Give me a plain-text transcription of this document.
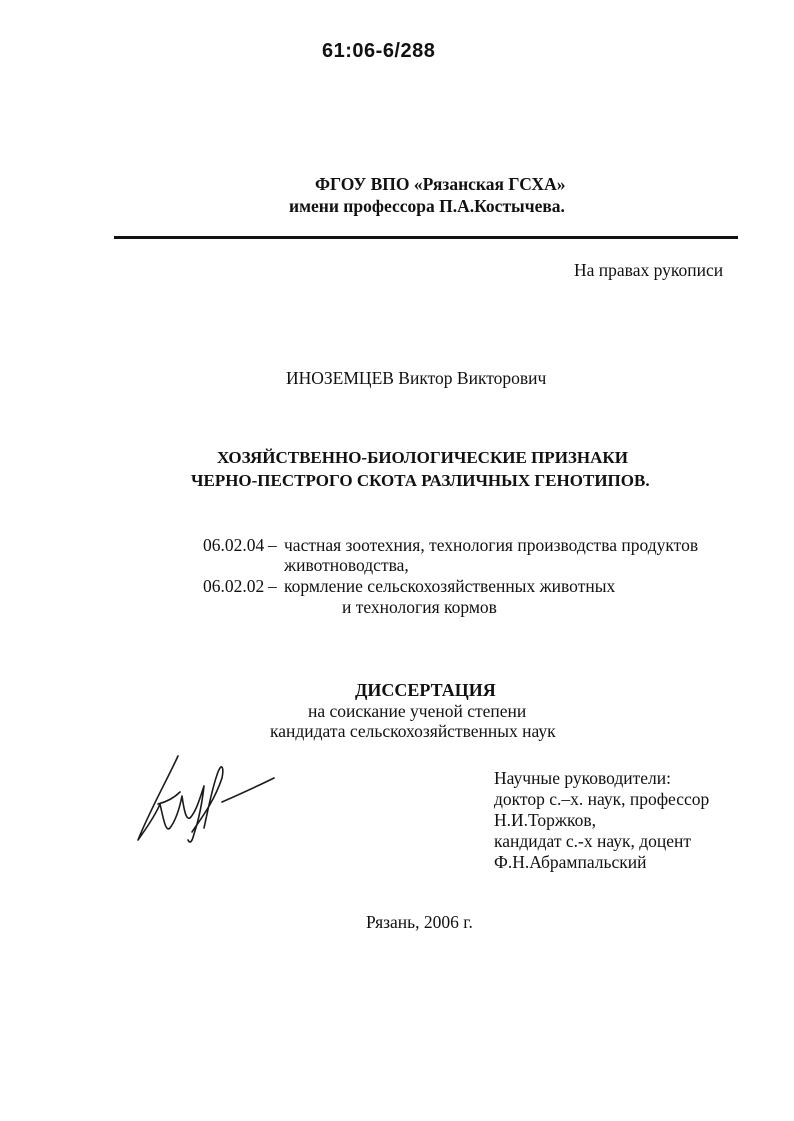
61:06-6/288
ФГОУ ВПО «Рязанская ГСХА»
имени профессора П.А.Костычева.
На правах рукописи
ИНОЗЕМЦЕВ Виктор Викторович
ХОЗЯЙСТВЕННО-БИОЛОГИЧЕСКИЕ ПРИЗНАКИ
ЧЕРНО-ПЕСТРОГО СКОТА РАЗЛИЧНЫХ ГЕНОТИПОВ.
06.02.04 – частная зоотехния, технология производства продуктов
животноводства,
06.02.02 – кормление сельскохозяйственных животных
и технология кормов
ДИССЕРТАЦИЯ
на соискание ученой степени
кандидата сельскохозяйственных наук
Научные руководители:
доктор с.–х. наук, профессор
Н.И.Торжков,
кандидат с.-х наук, доцент
Ф.Н.Абрампальский
Рязань, 2006 г.
